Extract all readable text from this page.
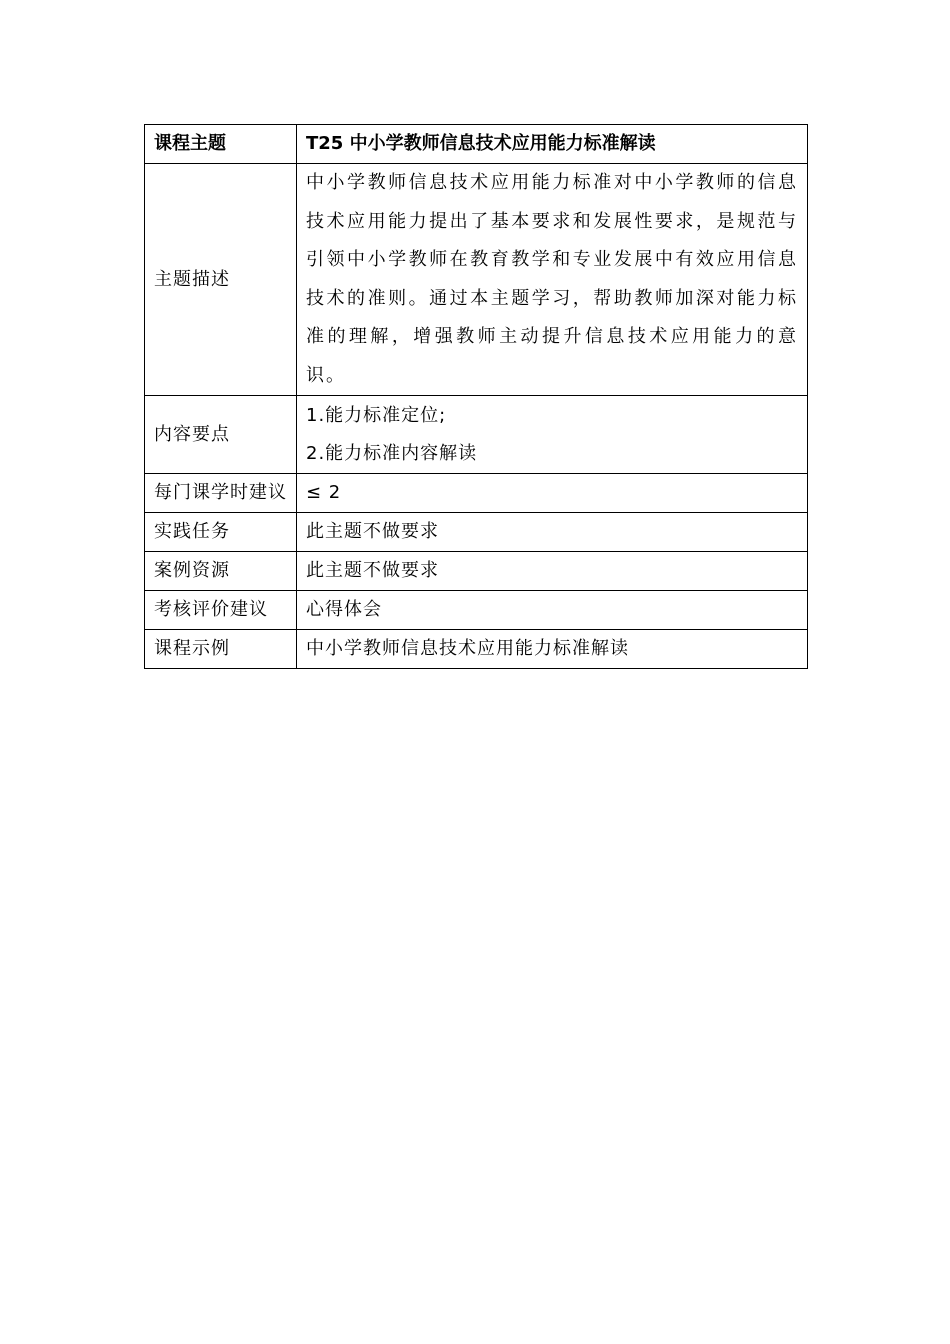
课程主题	T25 中小学教师信息技术应用能力标准解读
主题描述	中小学教师信息技术应用能力标准对中小学教师的信息技术应用能力提出了基本要求和发展性要求，是规范与引领中小学教师在教育教学和专业发展中有效应用信息技术的准则。通过本主题学习，帮助教师加深对能力标准的理解，增强教师主动提升信息技术应用能力的意识。
内容要点	1.能力标准定位;
2.能力标准内容解读

每门课学时建议	≤ 2
实践任务	此主题不做要求
案例资源	此主题不做要求
考核评价建议	心得体会
课程示例	中小学教师信息技术应用能力标准解读
